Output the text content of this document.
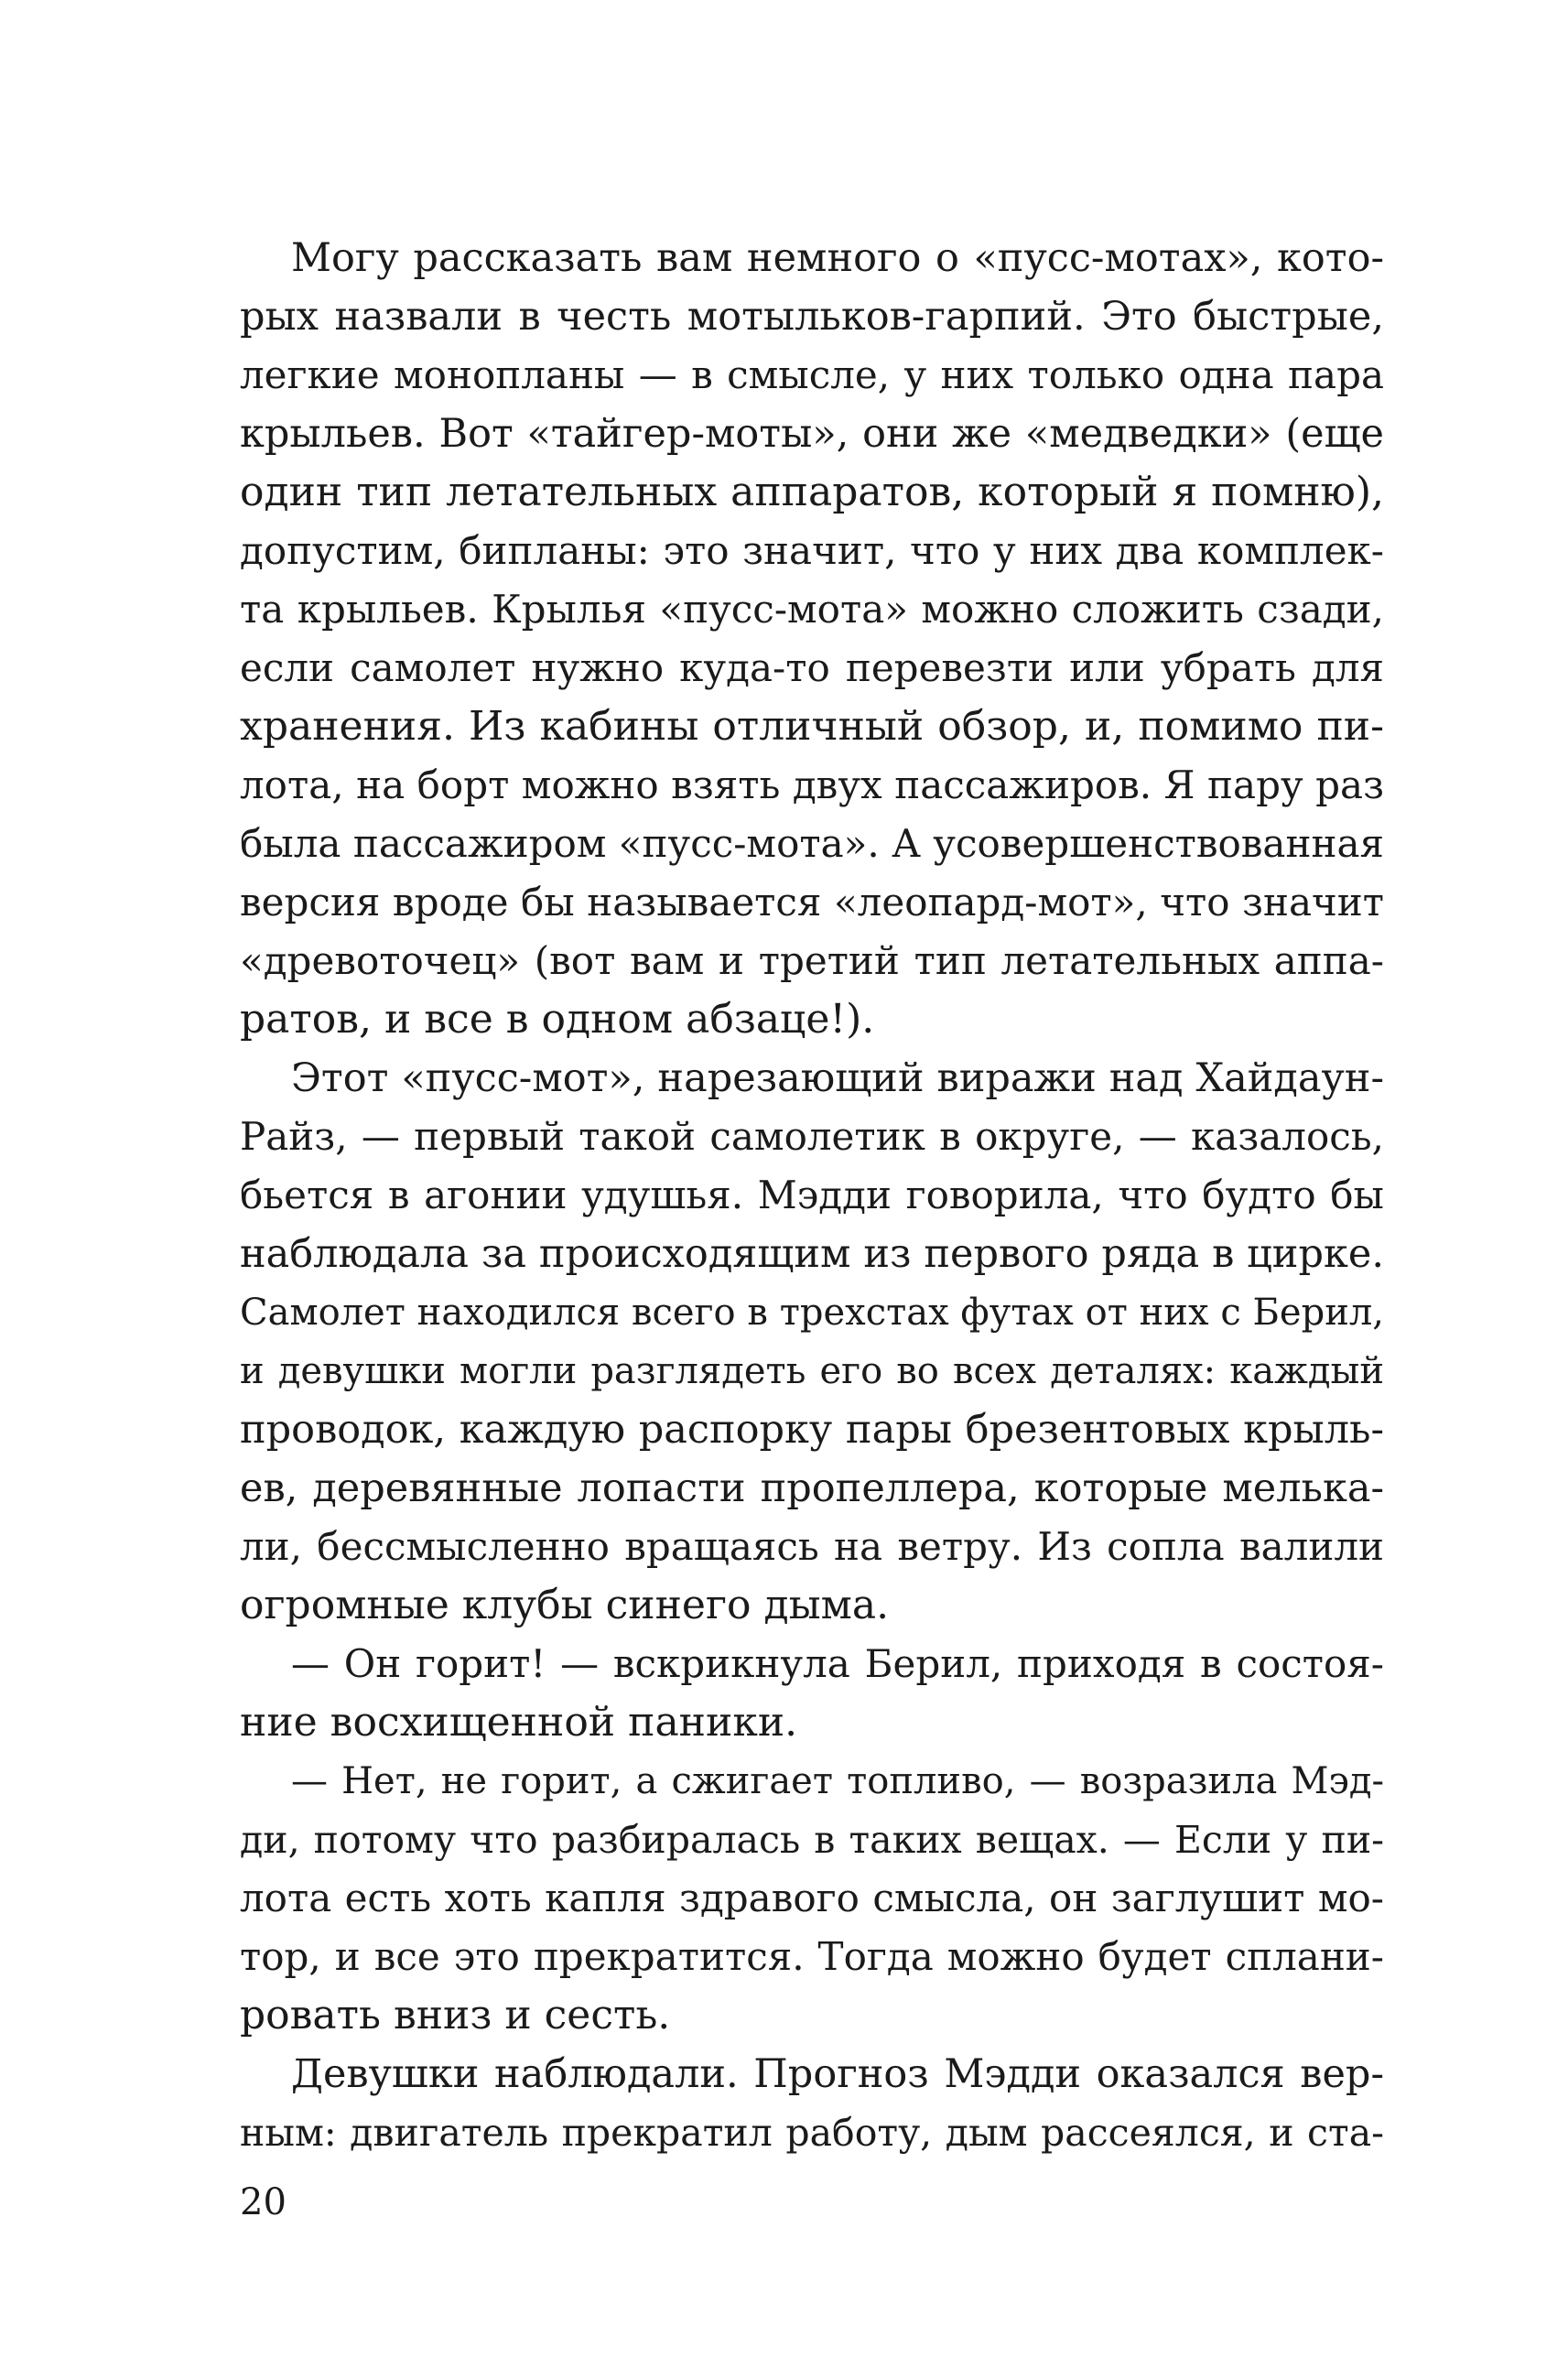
Могу рассказать вам немного о «пусс-мотах», кото-
рых назвали в честь мотыльков-гарпий. Это быстрые,
легкие монопланы — в смысле, у них только одна пара
крыльев. Вот «тайгер-моты», они же «медведки» (еще
один тип летательных аппаратов, который я помню),
допустим, бипланы: это значит, что у них два комплек-
та крыльев. Крылья «пусс-мота» можно сложить сзади,
если самолет нужно куда-то перевезти или убрать для
хранения. Из кабины отличный обзор, и, помимо пи-
лота, на борт можно взять двух пассажиров. Я пару раз
была пассажиром «пусс-мота». А усовершенствованная
версия вроде бы называется «леопард-мот», что значит
«древоточец» (вот вам и третий тип летательных аппа-
ратов, и все в одном абзаце!).
Этот «пусс-мот», нарезающий виражи над Хайдаун-
Райз, — первый такой самолетик в округе, — казалось,
бьется в агонии удушья. Мэдди говорила, что будто бы
наблюдала за происходящим из первого ряда в цирке.
Самолет находился всего в трехстах футах от них с Берил,
и девушки могли разглядеть его во всех деталях: каждый
проводок, каждую распорку пары брезентовых крыль-
ев, деревянные лопасти пропеллера, которые мелька-
ли, бессмысленно вращаясь на ветру. Из сопла валили
огромные клубы синего дыма.
— Он горит! — вскрикнула Берил, приходя в состоя-
ние восхищенной паники.
— Нет, не горит, а сжигает топливо, — возразила Мэд-
ди, потому что разбиралась в таких вещах. — Если у пи-
лота есть хоть капля здравого смысла, он заглушит мо-
тор, и все это прекратится. Тогда можно будет сплани-
ровать вниз и сесть.
Девушки наблюдали. Прогноз Мэдди оказался вер-
ным: двигатель прекратил работу, дым рассеялся, и ста-
20
